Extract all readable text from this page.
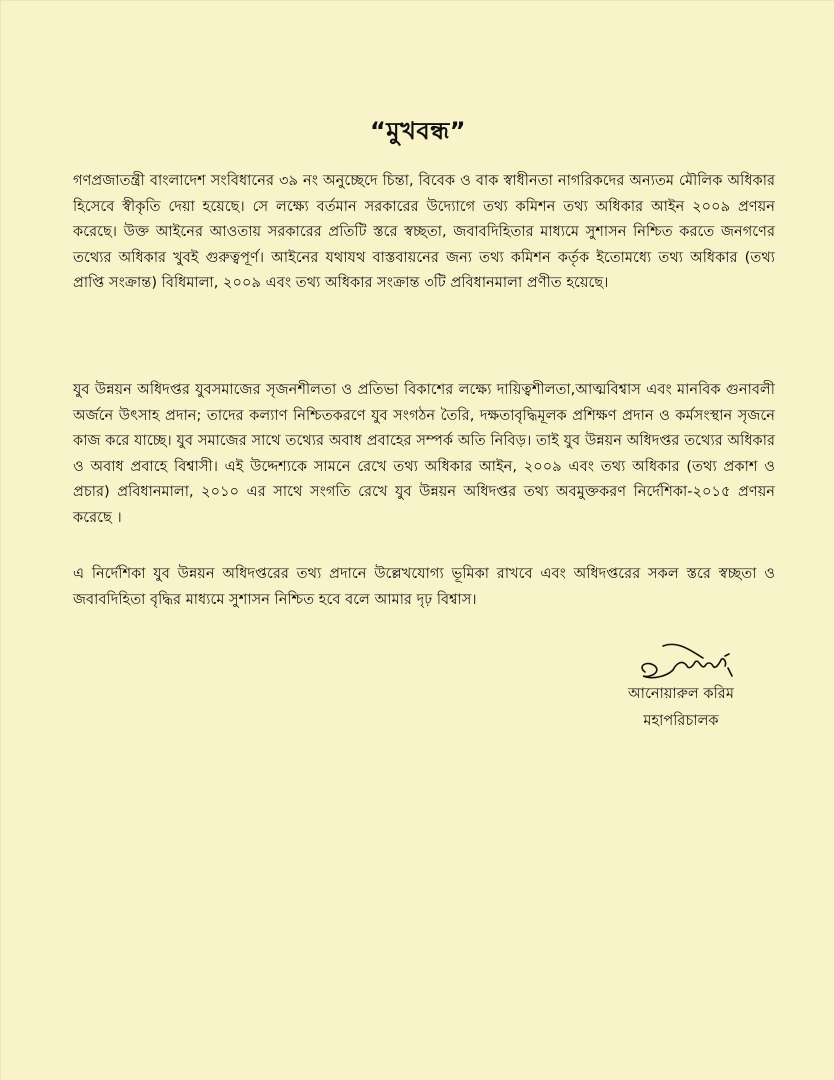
“মুখবন্ধ”
গণপ্রজাতন্ত্রী বাংলাদেশ সংবিধানের ৩৯ নং অনুচ্ছেদে চিন্তা, বিবেক ও বাক স্বাধীনতা নাগরিকদের অন্যতম মৌলিক অধিকার হিসেবে স্বীকৃতি দেয়া হয়েছে। সে লক্ষ্যে বর্তমান সরকারের উদ্যোগে তথ্য কমিশন তথ্য অধিকার আইন ২০০৯ প্রণয়ন করেছে। উক্ত আইনের আওতায় সরকারের প্রতিটি স্তরে স্বচ্ছতা, জবাবদিহিতার মাধ্যমে সুশাসন নিশ্চিত করতে জনগণের তথ্যের অধিকার খুবই গুরুত্বপূর্ণ। আইনের যথাযথ বাস্তবায়নের জন্য তথ্য কমিশন কর্তৃক ইতোমধ্যে তথ্য অধিকার (তথ্য প্রাপ্তি সংক্রান্ত) বিধিমালা, ২০০৯ এবং তথ্য অধিকার সংক্রান্ত ৩টি প্রবিধানমালা প্রণীত হয়েছে।
যুব উন্নয়ন অধিদপ্তর যুবসমাজের সৃজনশীলতা ও প্রতিভা বিকাশের লক্ষ্যে দায়িত্বশীলতা,আত্মবিশ্বাস এবং মানবিক গুনাবলী অর্জনে উৎসাহ প্রদান; তাদের কল্যাণ নিশ্চিতকরণে যুব সংগঠন তৈরি, দক্ষতাবৃদ্ধিমূলক প্রশিক্ষণ প্রদান ও কর্মসংস্থান সৃজনে কাজ করে যাচ্ছে। যুব সমাজের সাথে তথ্যের অবাধ প্রবাহের সম্পর্ক অতি নিবিড়। তাই যুব উন্নয়ন অধিদপ্তর তথ্যের অধিকার ও অবাধ প্রবাহে বিশ্বাসী। এই উদ্দেশ্যকে সামনে রেখে তথ্য অধিকার আইন, ২০০৯ এবং তথ্য অধিকার (তথ্য প্রকাশ ও প্রচার) প্রবিধানমালা, ২০১০ এর সাথে সংগতি রেখে যুব উন্নয়ন অধিদপ্তর তথ্য অবমুক্তকরণ নির্দেশিকা-২০১৫ প্রণয়ন করেছে ।
এ নির্দেশিকা যুব উন্নয়ন অধিদপ্তরের তথ্য প্রদানে উল্লেখযোগ্য ভূমিকা রাখবে এবং অধিদপ্তরের সকল স্তরে স্বচ্ছতা ও জবাবদিহিতা বৃদ্ধির মাধ্যমে সুশাসন নিশ্চিত হবে বলে আমার দৃঢ় বিশ্বাস।
আনোয়ারুল করিম
মহাপরিচালক
